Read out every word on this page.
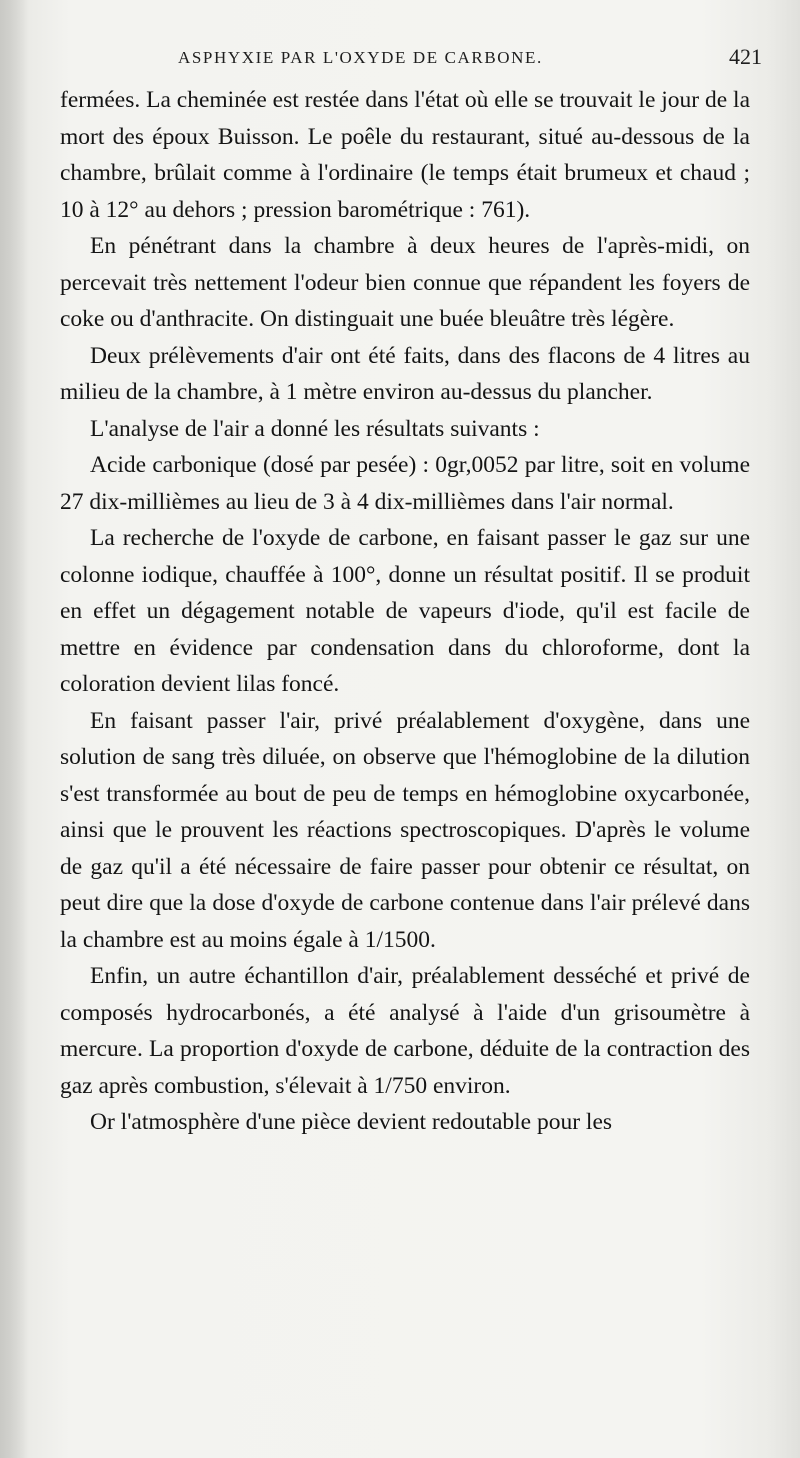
ASPHYXIE PAR L'OXYDE DE CARBONE.	421

fermées. La cheminée est restée dans l'état où elle se trouvait le jour de la mort des époux Buisson. Le poêle du restaurant, situé au-dessous de la chambre, brûlait comme à l'ordinaire (le temps était brumeux et chaud ; 10 à 12° au dehors ; pression barométrique : 761).

En pénétrant dans la chambre à deux heures de l'après-midi, on percevait très nettement l'odeur bien connue que répandent les foyers de coke ou d'anthracite. On distinguait une buée bleuâtre très légère.

Deux prélèvements d'air ont été faits, dans des flacons de 4 litres au milieu de la chambre, à 1 mètre environ au-dessus du plancher.

L'analyse de l'air a donné les résultats suivants :

Acide carbonique (dosé par pesée) : 0gr,0052 par litre, soit en volume 27 dix-millièmes au lieu de 3 à 4 dix-millièmes dans l'air normal.

La recherche de l'oxyde de carbone, en faisant passer le gaz sur une colonne iodique, chauffée à 100°, donne un résultat positif. Il se produit en effet un dégagement notable de vapeurs d'iode, qu'il est facile de mettre en évidence par condensation dans du chloroforme, dont la coloration devient lilas foncé.

En faisant passer l'air, privé préalablement d'oxygène, dans une solution de sang très diluée, on observe que l'hémoglobine de la dilution s'est transformée au bout de peu de temps en hémoglobine oxycarbonée, ainsi que le prouvent les réactions spectroscopiques. D'après le volume de gaz qu'il a été nécessaire de faire passer pour obtenir ce résultat, on peut dire que la dose d'oxyde de carbone contenue dans l'air prélevé dans la chambre est au moins égale à 1/1500.

Enfin, un autre échantillon d'air, préalablement desséché et privé de composés hydrocarbonés, a été analysé à l'aide d'un grisoumètre à mercure. La proportion d'oxyde de carbone, déduite de la contraction des gaz après combustion, s'élevait à 1/750 environ.

Or l'atmosphère d'une pièce devient redoutable pour les
